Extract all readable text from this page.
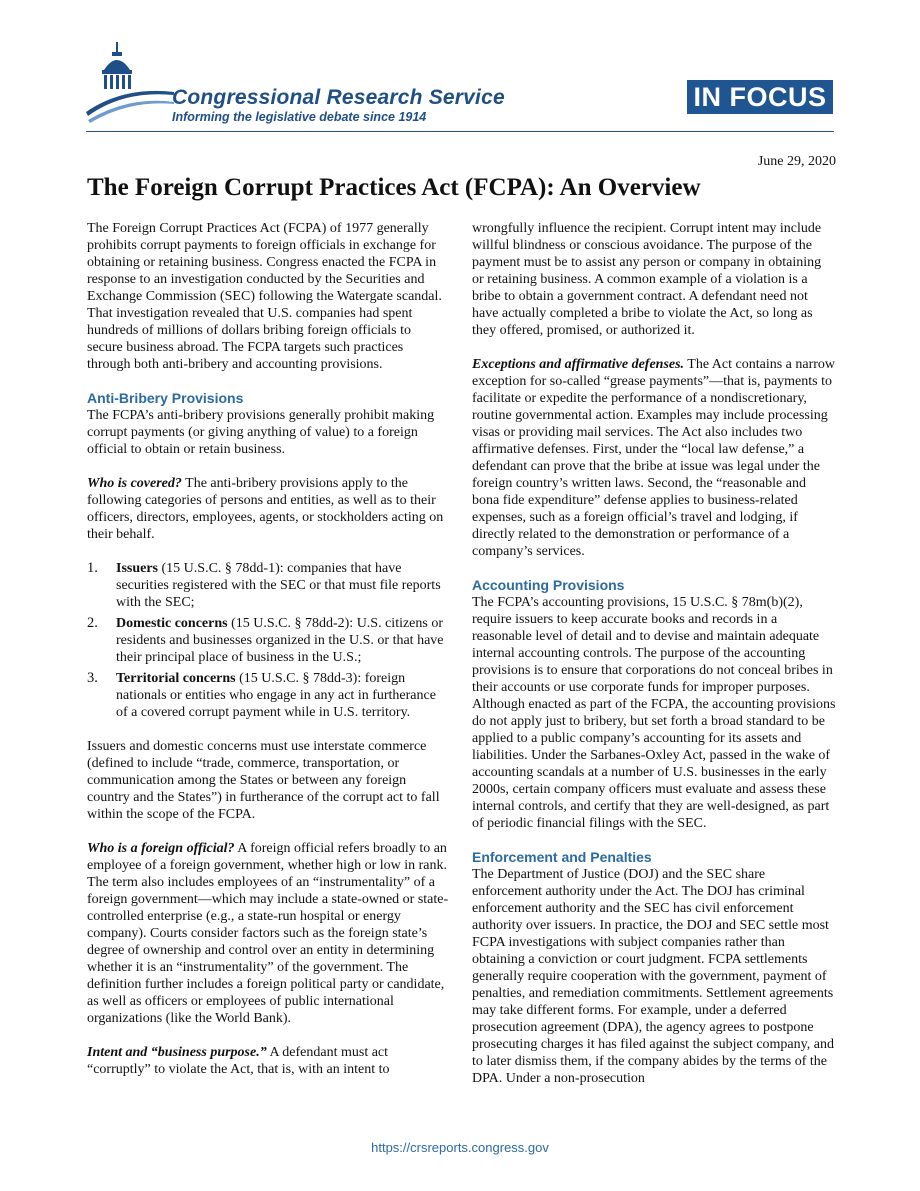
Congressional Research Service
Informing the legislative debate since 1914
IN FOCUS
June 29, 2020
The Foreign Corrupt Practices Act (FCPA): An Overview

The Foreign Corrupt Practices Act (FCPA) of 1977 generally prohibits corrupt payments to foreign officials in exchange for obtaining or retaining business. Congress enacted the FCPA in response to an investigation conducted by the Securities and Exchange Commission (SEC) following the Watergate scandal. That investigation revealed that U.S. companies had spent hundreds of millions of dollars bribing foreign officials to secure business abroad. The FCPA targets such practices through both anti-bribery and accounting provisions.

Anti-Bribery Provisions

The FCPA’s anti-bribery provisions generally prohibit making corrupt payments (or giving anything of value) to a foreign official to obtain or retain business.

Who is covered? The anti-bribery provisions apply to the following categories of persons and entities, as well as to their officers, directors, employees, agents, or stockholders acting on their behalf.

1. Issuers (15 U.S.C. § 78dd-1): companies that have securities registered with the SEC or that must file reports with the SEC;
2. Domestic concerns (15 U.S.C. § 78dd-2): U.S. citizens or residents and businesses organized in the U.S. or that have their principal place of business in the U.S.;
3. Territorial concerns (15 U.S.C. § 78dd-3): foreign nationals or entities who engage in any act in furtherance of a covered corrupt payment while in U.S. territory.

Issuers and domestic concerns must use interstate commerce (defined to include “trade, commerce, transportation, or communication among the States or between any foreign country and the States”) in furtherance of the corrupt act to fall within the scope of the FCPA.

Who is a foreign official? A foreign official refers broadly to an employee of a foreign government, whether high or low in rank. The term also includes employees of an “instrumentality” of a foreign government—which may include a state-owned or state-controlled enterprise (e.g., a state-run hospital or energy company). Courts consider factors such as the foreign state’s degree of ownership and control over an entity in determining whether it is an “instrumentality” of the government. The definition further includes a foreign political party or candidate, as well as officers or employees of public international organizations (like the World Bank).

Intent and “business purpose.” A defendant must act “corruptly” to violate the Act, that is, with an intent to

wrongfully influence the recipient. Corrupt intent may include willful blindness or conscious avoidance. The purpose of the payment must be to assist any person or company in obtaining or retaining business. A common example of a violation is a bribe to obtain a government contract. A defendant need not have actually completed a bribe to violate the Act, so long as they offered, promised, or authorized it.

Exceptions and affirmative defenses. The Act contains a narrow exception for so-called “grease payments”—that is, payments to facilitate or expedite the performance of a nondiscretionary, routine governmental action. Examples may include processing visas or providing mail services. The Act also includes two affirmative defenses. First, under the “local law defense,” a defendant can prove that the bribe at issue was legal under the foreign country’s written laws. Second, the “reasonable and bona fide expenditure” defense applies to business-related expenses, such as a foreign official’s travel and lodging, if directly related to the demonstration or performance of a company’s services.

Accounting Provisions

The FCPA’s accounting provisions, 15 U.S.C. § 78m(b)(2), require issuers to keep accurate books and records in a reasonable level of detail and to devise and maintain adequate internal accounting controls. The purpose of the accounting provisions is to ensure that corporations do not conceal bribes in their accounts or use corporate funds for improper purposes. Although enacted as part of the FCPA, the accounting provisions do not apply just to bribery, but set forth a broad standard to be applied to a public company’s accounting for its assets and liabilities. Under the Sarbanes-Oxley Act, passed in the wake of accounting scandals at a number of U.S. businesses in the early 2000s, certain company officers must evaluate and assess these internal controls, and certify that they are well-designed, as part of periodic financial filings with the SEC.

Enforcement and Penalties

The Department of Justice (DOJ) and the SEC share enforcement authority under the Act. The DOJ has criminal enforcement authority and the SEC has civil enforcement authority over issuers. In practice, the DOJ and SEC settle most FCPA investigations with subject companies rather than obtaining a conviction or court judgment. FCPA settlements generally require cooperation with the government, payment of penalties, and remediation commitments. Settlement agreements may take different forms. For example, under a deferred prosecution agreement (DPA), the agency agrees to postpone prosecuting charges it has filed against the subject company, and to later dismiss them, if the company abides by the terms of the DPA. Under a non-prosecution

https://crsreports.congress.gov
